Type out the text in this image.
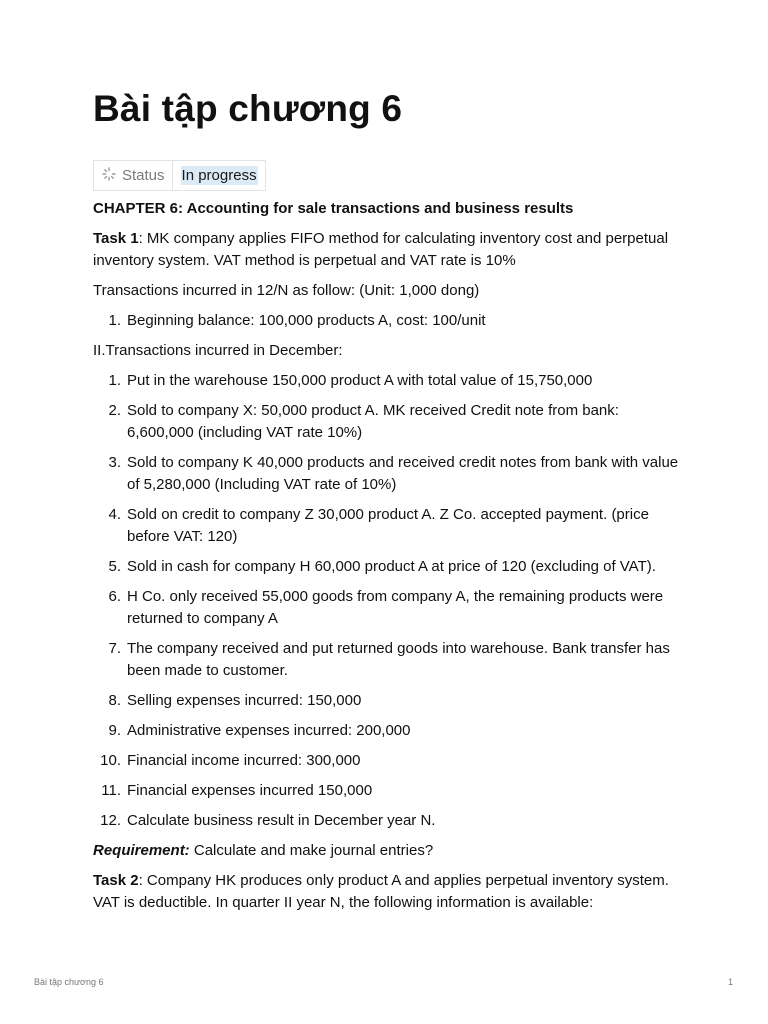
Bài tập chương 6
Status In progress

CHAPTER 6: Accounting for sale transactions and business results

Task 1: MK company applies FIFO method for calculating inventory cost and perpetual inventory system. VAT method is perpetual and VAT rate is 10%

Transactions incurred in 12/N as follow: (Unit: 1,000 dong)

1. Beginning balance: 100,000 products A, cost: 100/unit

II.Transactions incurred in December:

1. Put in the warehouse 150,000 product A with total value of 15,750,000
2. Sold to company X: 50,000 product A. MK received Credit note from bank: 6,600,000 (including VAT rate 10%)
3. Sold to company K 40,000 products and received credit notes from bank with value of 5,280,000 (Including VAT rate of 10%)
4. Sold on credit to company Z 30,000 product A. Z Co. accepted payment. (price before VAT: 120)
5. Sold in cash for company H 60,000 product A at price of 120 (excluding of VAT).
6. H Co. only received 55,000 goods from company A, the remaining products were returned to company A
7. The company received and put returned goods into warehouse. Bank transfer has been made to customer.
8. Selling expenses incurred: 150,000
9. Administrative expenses incurred: 200,000
10. Financial income incurred: 300,000
11. Financial expenses incurred 150,000
12. Calculate business result in December year N.

Requirement: Calculate and make journal entries?

Task 2: Company HK produces only product A and applies perpetual inventory system. VAT is deductible. In quarter II year N, the following information is available:

Bài tập chương 6	1
